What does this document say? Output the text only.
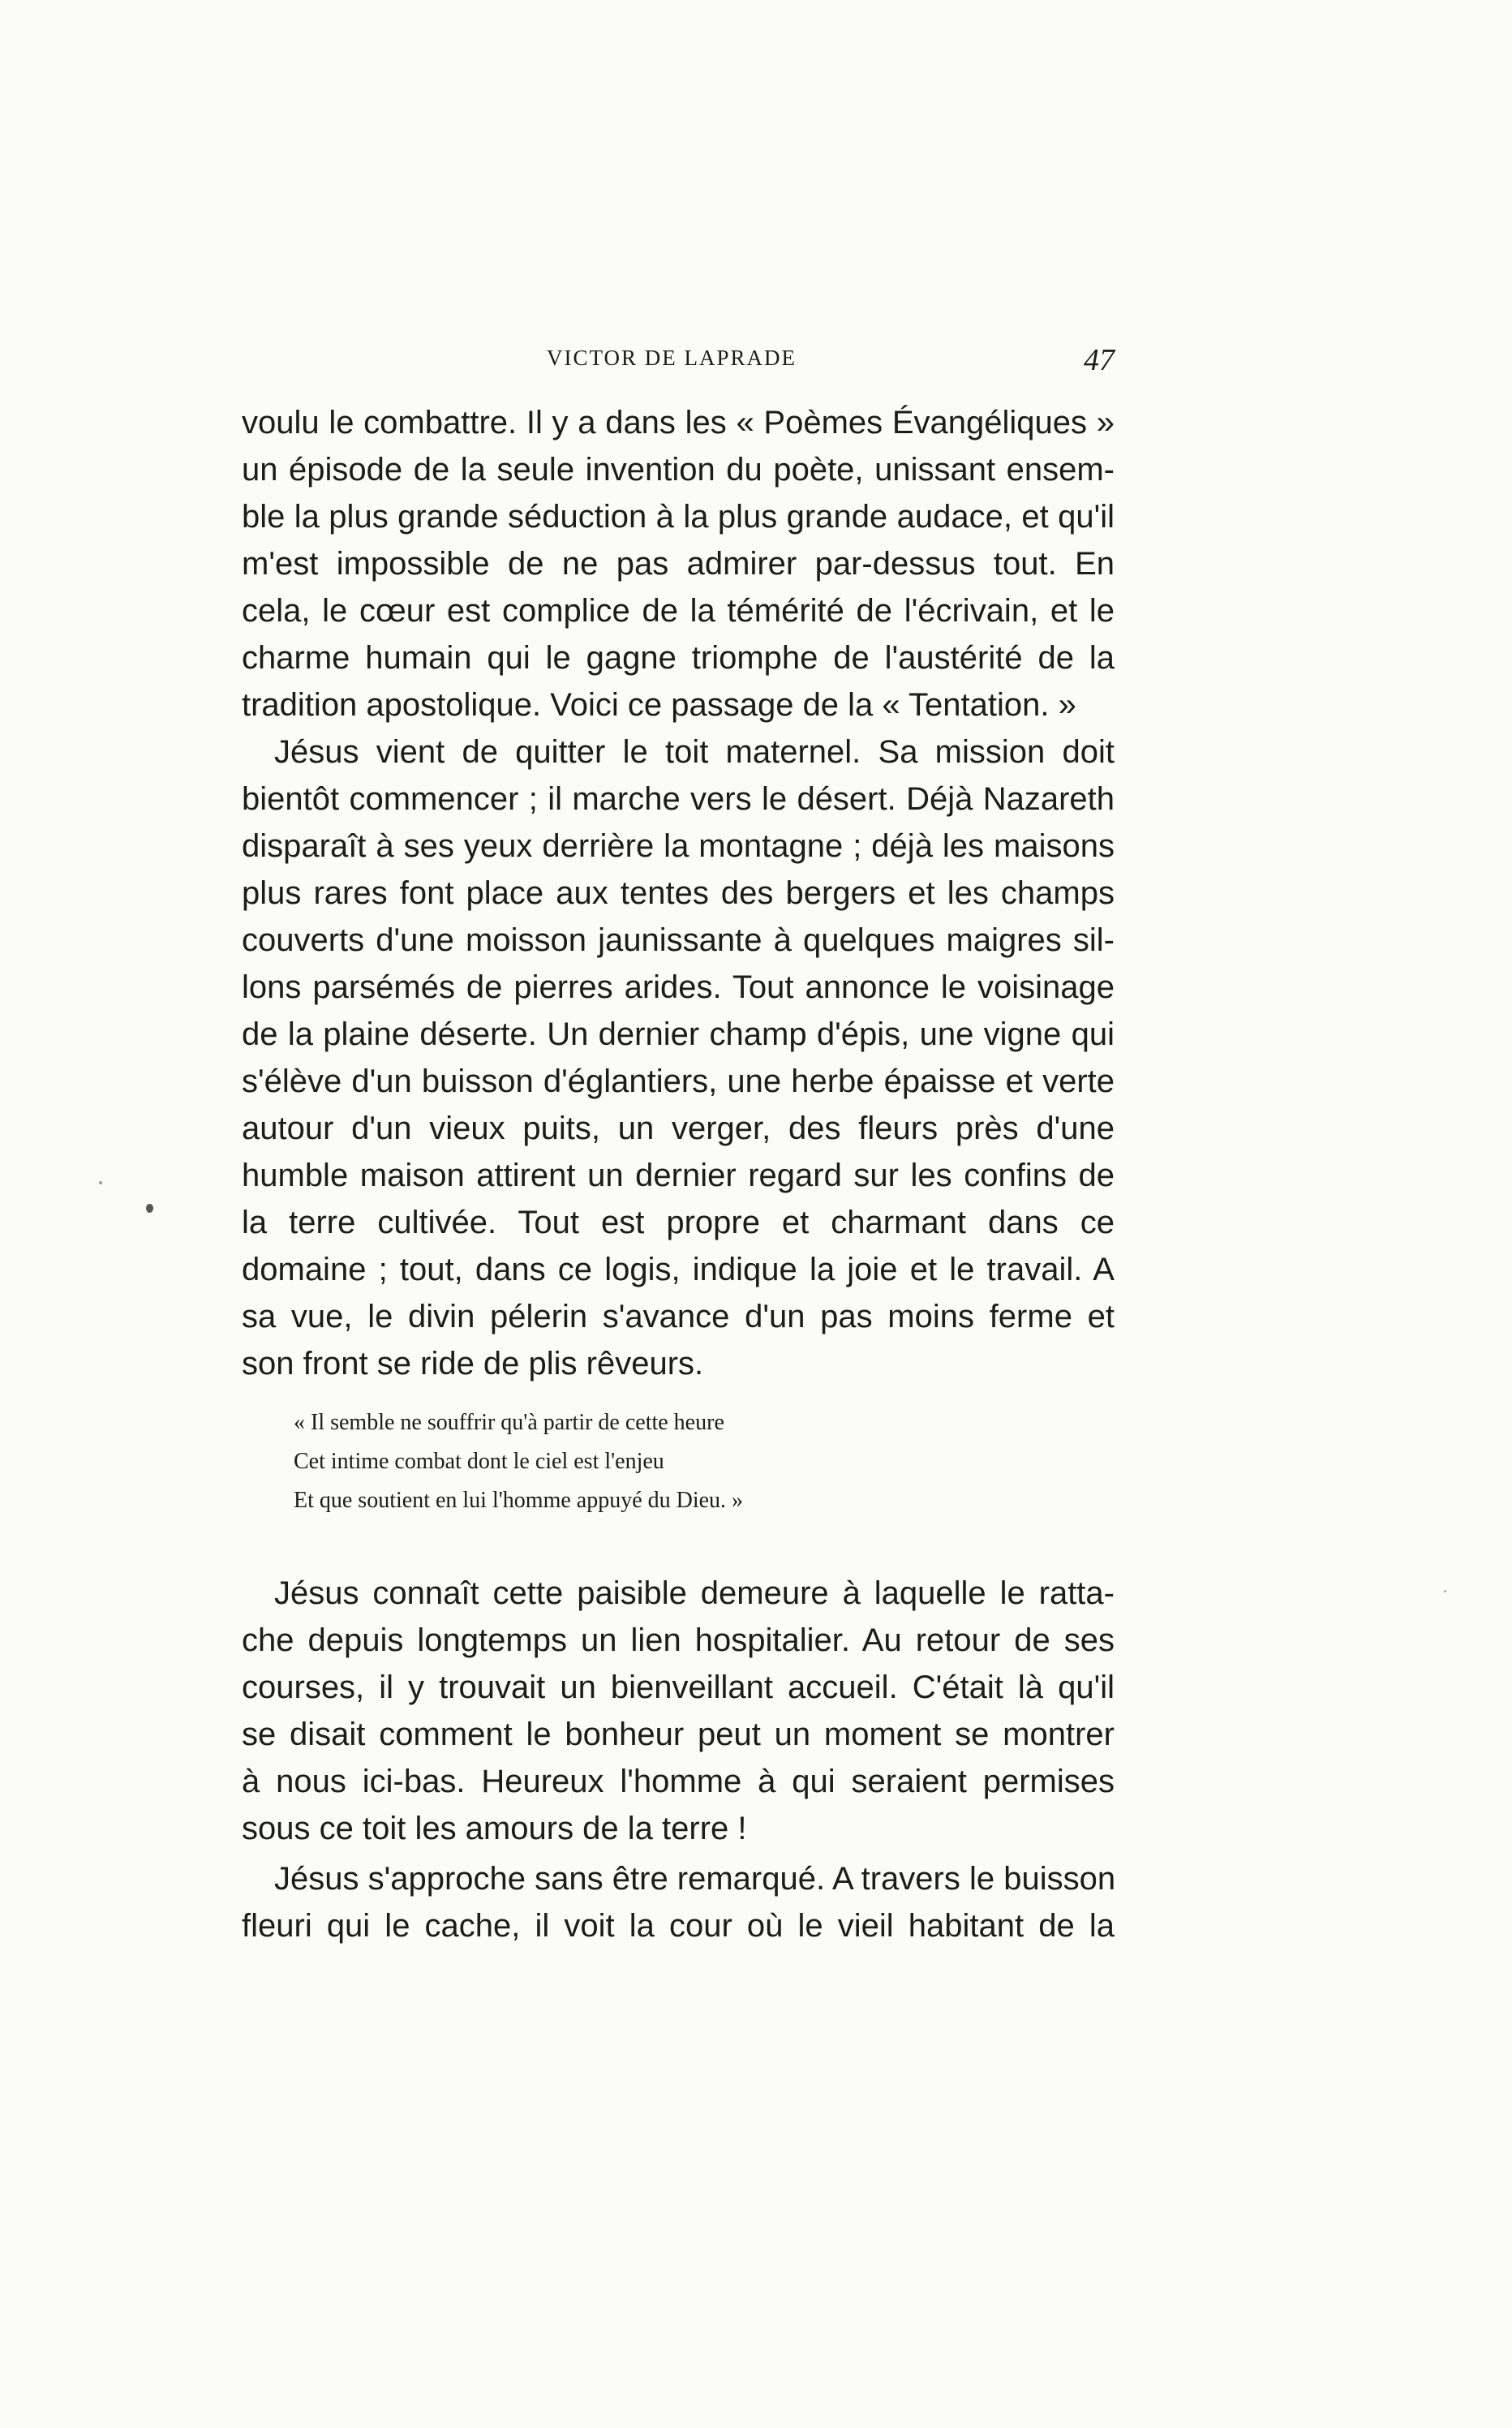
VICTOR DE LAPRADE	47
voulu le combattre. Il y a dans les « Poèmes Évangéliques »
un épisode de la seule invention du poète, unissant ensem-
ble la plus grande séduction à la plus grande audace, et qu'il
m'est impossible de ne pas admirer par-dessus tout. En
cela, le cœur est complice de la témérité de l'écrivain, et le
charme humain qui le gagne triomphe de l'austérité de la
tradition apostolique. Voici ce passage de la « Tentation. »
Jésus vient de quitter le toit maternel. Sa mission doit
bientôt commencer ; il marche vers le désert. Déjà Nazareth
disparaît à ses yeux derrière la montagne ; déjà les maisons
plus rares font place aux tentes des bergers et les champs
couverts d'une moisson jaunissante à quelques maigres sil-
lons parsémés de pierres arides. Tout annonce le voisinage
de la plaine déserte. Un dernier champ d'épis, une vigne qui
s'élève d'un buisson d'églantiers, une herbe épaisse et verte
autour d'un vieux puits, un verger, des fleurs près d'une
humble maison attirent un dernier regard sur les confins de
la terre cultivée. Tout est propre et charmant dans ce
domaine ; tout, dans ce logis, indique la joie et le travail. A
sa vue, le divin pélerin s'avance d'un pas moins ferme et
son front se ride de plis rêveurs.
« Il semble ne souffrir qu'à partir de cette heure
Cet intime combat dont le ciel est l'enjeu
Et que soutient en lui l'homme appuyé du Dieu. »
Jésus connaît cette paisible demeure à laquelle le ratta-
che depuis longtemps un lien hospitalier. Au retour de ses
courses, il y trouvait un bienveillant accueil. C'était là qu'il
se disait comment le bonheur peut un moment se montrer
à nous ici-bas. Heureux l'homme à qui seraient permises
sous ce toit les amours de la terre !
Jésus s'approche sans être remarqué. A travers le buisson
fleuri qui le cache, il voit la cour où le vieil habitant de la
